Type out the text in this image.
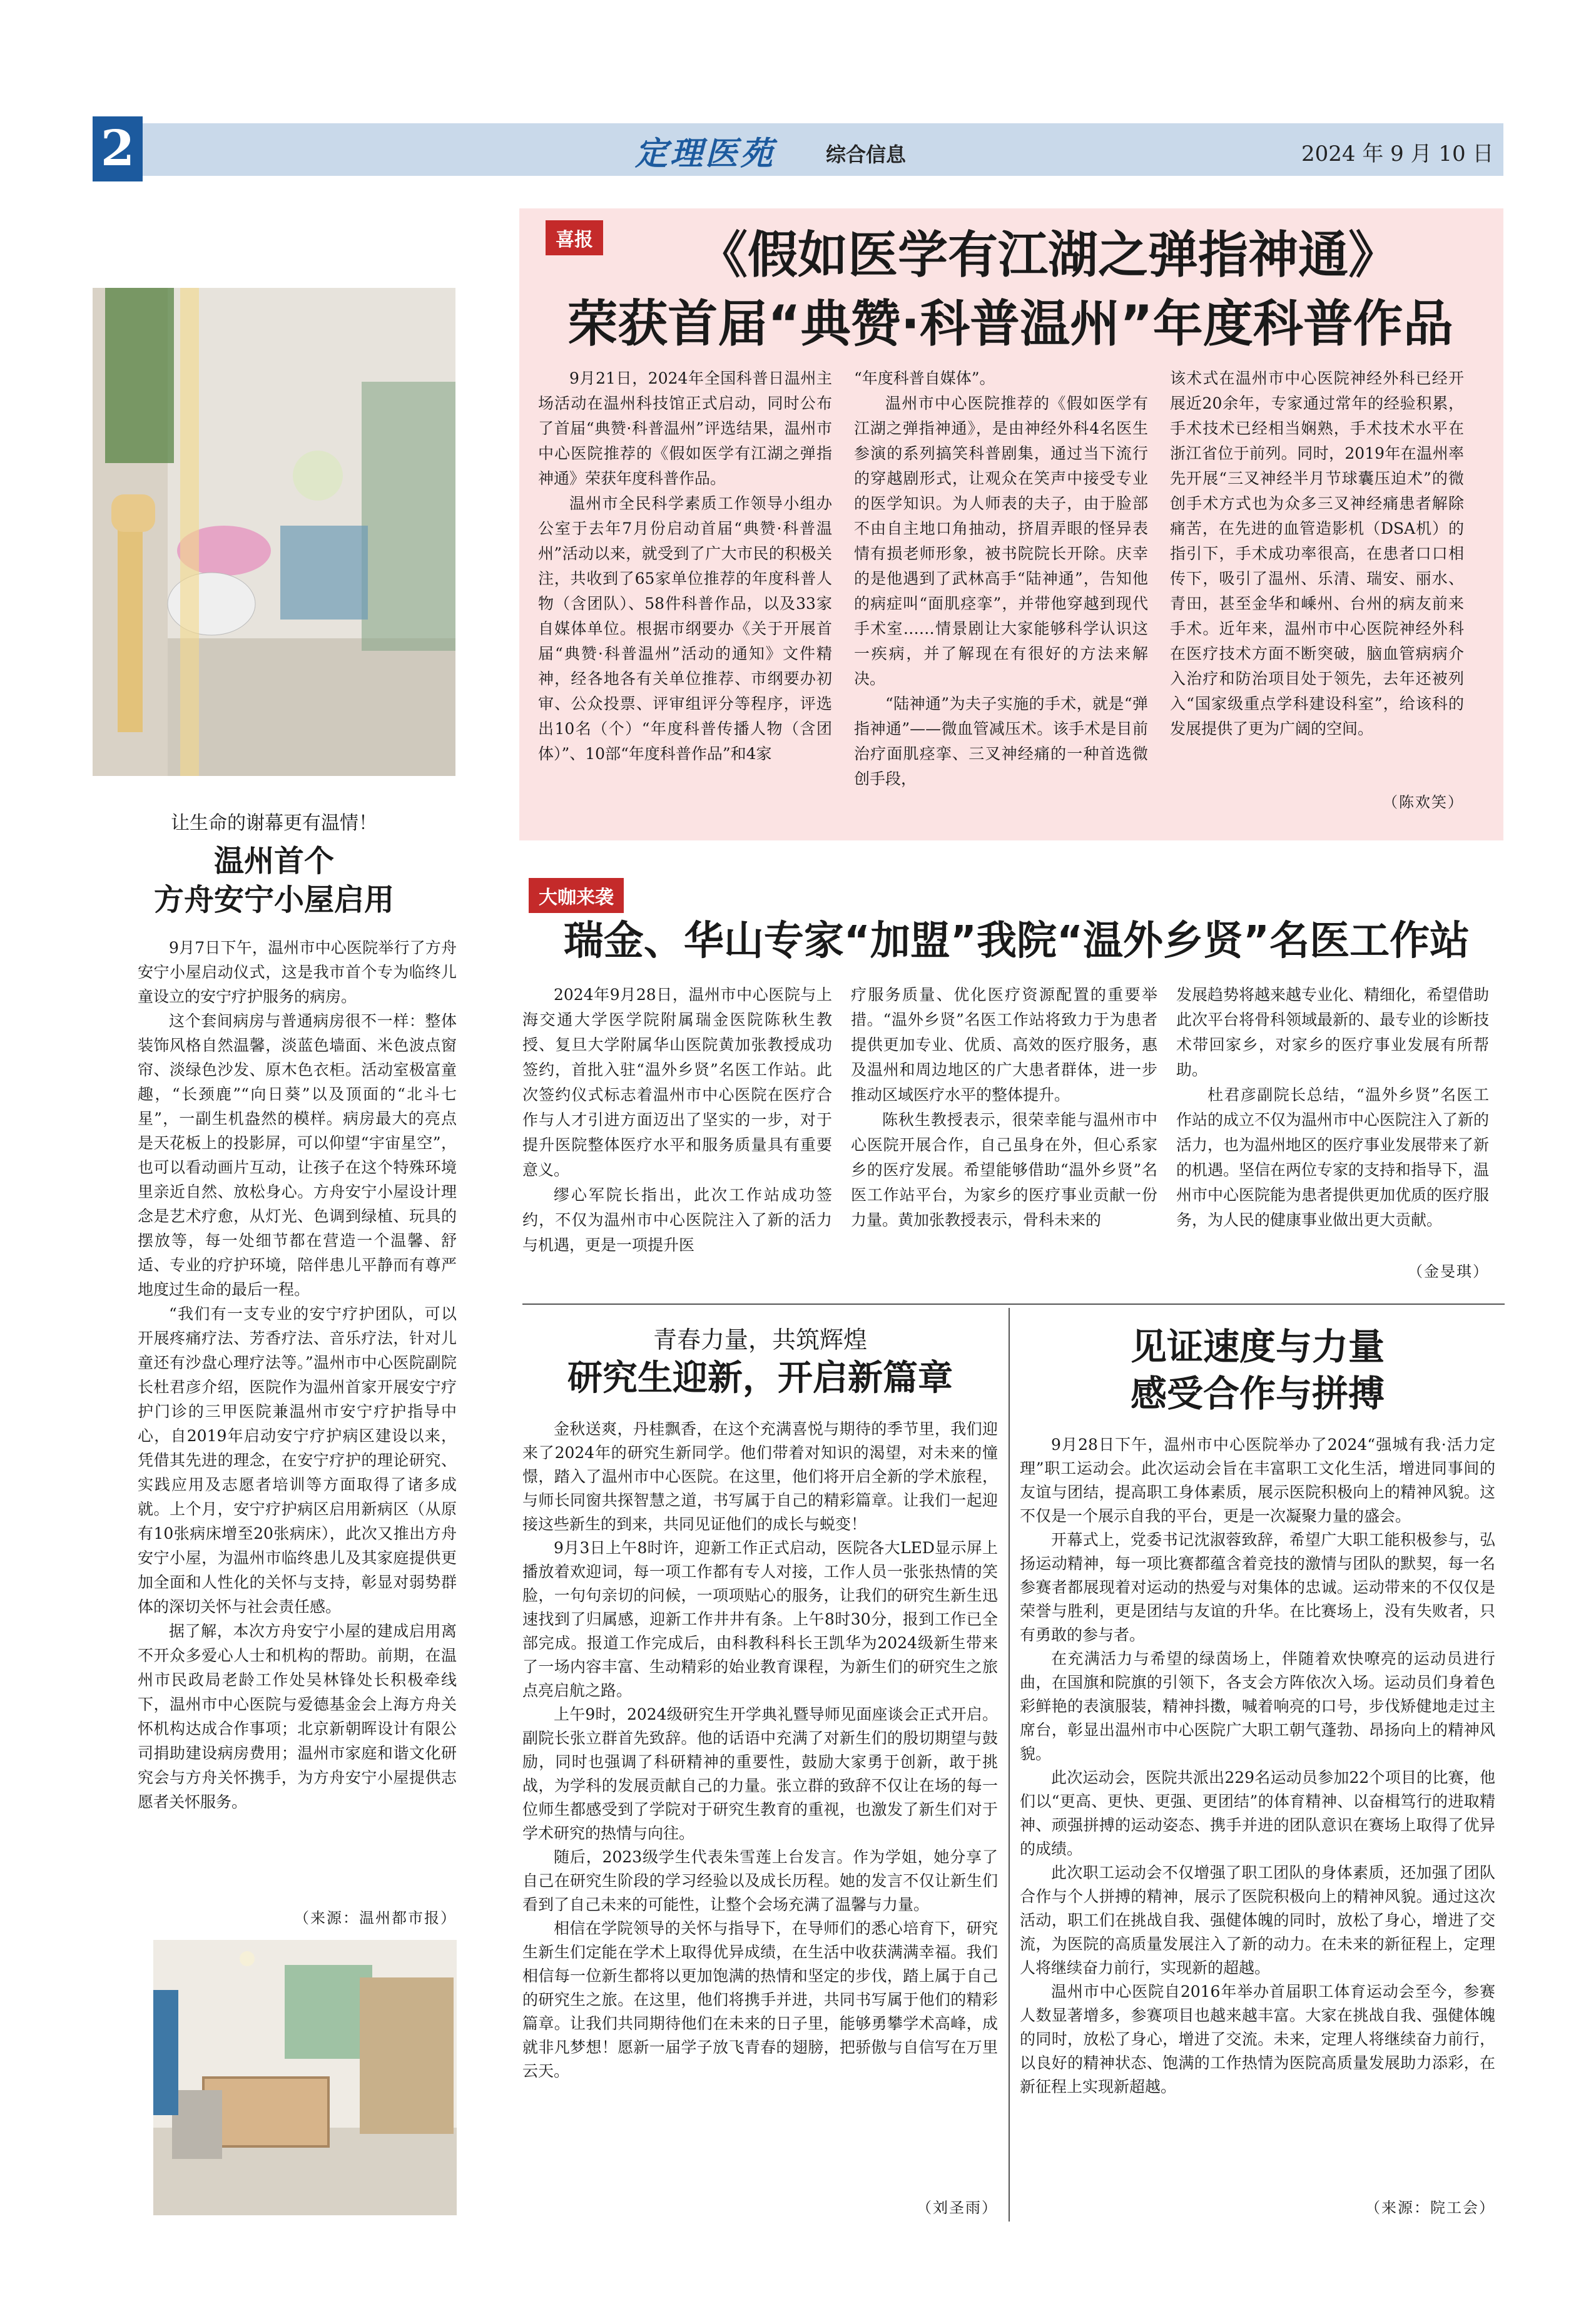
2	定理医苑	综合信息	2024 年 9 月 10 日
喜报	《假如医学有江湖之弹指神通》
荣获首届“典赞·科普温州”年度科普作品

9月21日，2024年全国科普日温州主场活动在温州科技馆正式启动，同时公布了首届“典赞·科普温州”评选结果，温州市中心医院推荐的《假如医学有江湖之弹指神通》荣获年度科普作品。

温州市全民科学素质工作领导小组办公室于去年7月份启动首届“典赞·科普温州”活动以来，就受到了广大市民的积极关注，共收到了65家单位推荐的年度科普人物（含团队）、58件科普作品，以及33家自媒体单位。根据市纲要办《关于开展首届“典赞·科普温州”活动的通知》文件精神，经各地各有关单位推荐、市纲要办初审、公众投票、评审组评分等程序，评选出10名（个）“年度科普传播人物（含团体）”、10部“年度科普作品”和4家

“年度科普自媒体”。

温州市中心医院推荐的《假如医学有江湖之弹指神通》，是由神经外科4名医生参演的系列搞笑科普剧集，通过当下流行的穿越剧形式，让观众在笑声中接受专业的医学知识。为人师表的夫子，由于脸部不由自主地口角抽动，挤眉弄眼的怪异表情有损老师形象，被书院院长开除。庆幸的是他遇到了武林高手“陆神通”，告知他的病症叫“面肌痉挛”，并带他穿越到现代手术室……情景剧让大家能够科学认识这一疾病，并了解现在有很好的方法来解决。

“陆神通”为夫子实施的手术，就是“弹指神通”——微血管减压术。该手术是目前治疗面肌痉挛、三叉神经痛的一种首选微创手段，

该术式在温州市中心医院神经外科已经开展近20余年，专家通过常年的经验积累，手术技术已经相当娴熟，手术技术水平在浙江省位于前列。同时，2019年在温州率先开展“三叉神经半月节球囊压迫术”的微创手术方式也为众多三叉神经痛患者解除痛苦，在先进的血管造影机（DSA机）的指引下，手术成功率很高，在患者口口相传下，吸引了温州、乐清、瑞安、丽水、青田，甚至金华和嵊州、台州的病友前来手术。近年来，温州市中心医院神经外科在医疗技术方面不断突破，脑血管病病介入治疗和防治项目处于领先，去年还被列入“国家级重点学科建设科室”，给该科的发展提供了更为广阔的空间。

（陈欢笑）
让生命的谢幕更有温情！
温州首个
方舟安宁小屋启用

9月7日下午，温州市中心医院举行了方舟安宁小屋启动仪式，这是我市首个专为临终儿童设立的安宁疗护服务的病房。

这个套间病房与普通病房很不一样：整体装饰风格自然温馨，淡蓝色墙面、米色波点窗帘、淡绿色沙发、原木色衣柜。活动室极富童趣，“长颈鹿”“向日葵”以及顶面的“北斗七星”，一副生机盎然的模样。病房最大的亮点是天花板上的投影屏，可以仰望“宇宙星空”，也可以看动画片互动，让孩子在这个特殊环境里亲近自然、放松身心。方舟安宁小屋设计理念是艺术疗愈，从灯光、色调到绿植、玩具的摆放等，每一处细节都在营造一个温馨、舒适、专业的疗护环境，陪伴患儿平静而有尊严地度过生命的最后一程。

“我们有一支专业的安宁疗护团队，可以开展疼痛疗法、芳香疗法、音乐疗法，针对儿童还有沙盘心理疗法等。”温州市中心医院副院长杜君彦介绍，医院作为温州首家开展安宁疗护门诊的三甲医院兼温州市安宁疗护指导中心，自2019年启动安宁疗护病区建设以来，凭借其先进的理念，在安宁疗护的理论研究、实践应用及志愿者培训等方面取得了诸多成就。上个月，安宁疗护病区启用新病区（从原有10张病床增至20张病床），此次又推出方舟安宁小屋，为温州市临终患儿及其家庭提供更加全面和人性化的关怀与支持，彰显对弱势群体的深切关怀与社会责任感。

据了解，本次方舟安宁小屋的建成启用离不开众多爱心人士和机构的帮助。前期，在温州市民政局老龄工作处吴林锋处长积极牵线下，温州市中心医院与爱德基金会上海方舟关怀机构达成合作事项；北京新朝晖设计有限公司捐助建设病房费用；温州市家庭和谐文化研究会与方舟关怀携手，为方舟安宁小屋提供志愿者关怀服务。

（来源：温州都市报）
大咖来袭
瑞金、华山专家“加盟”我院“温外乡贤”名医工作站

2024年9月28日，温州市中心医院与上海交通大学医学院附属瑞金医院陈秋生教授、复旦大学附属华山医院黄加张教授成功签约，首批入驻“温外乡贤”名医工作站。此次签约仪式标志着温州市中心医院在医疗合作与人才引进方面迈出了坚实的一步，对于提升医院整体医疗水平和服务质量具有重要意义。

缪心军院长指出，此次工作站成功签约，不仅为温州市中心医院注入了新的活力与机遇，更是一项提升医

疗服务质量、优化医疗资源配置的重要举措。“温外乡贤”名医工作站将致力于为患者提供更加专业、优质、高效的医疗服务，惠及温州和周边地区的广大患者群体，进一步推动区域医疗水平的整体提升。

陈秋生教授表示，很荣幸能与温州市中心医院开展合作，自己虽身在外，但心系家乡的医疗发展。希望能够借助“温外乡贤”名医工作站平台，为家乡的医疗事业贡献一份力量。黄加张教授表示，骨科未来的

发展趋势将越来越专业化、精细化，希望借助此次平台将骨科领域最新的、最专业的诊断技术带回家乡，对家乡的医疗事业发展有所帮助。

杜君彦副院长总结，“温外乡贤”名医工作站的成立不仅为温州市中心医院注入了新的活力，也为温州地区的医疗事业发展带来了新的机遇。坚信在两位专家的支持和指导下，温州市中心医院能为患者提供更加优质的医疗服务，为人民的健康事业做出更大贡献。

（金旻琪）
青春力量，共筑辉煌
研究生迎新，开启新篇章

金秋送爽，丹桂飘香，在这个充满喜悦与期待的季节里，我们迎来了2024年的研究生新同学。他们带着对知识的渴望，对未来的憧憬，踏入了温州市中心医院。在这里，他们将开启全新的学术旅程，与师长同窗共探智慧之道，书写属于自己的精彩篇章。让我们一起迎接这些新生的到来，共同见证他们的成长与蜕变！

9月3日上午8时许，迎新工作正式启动，医院各大LED显示屏上播放着欢迎词，每一项工作都有专人对接，工作人员一张张热情的笑脸，一句句亲切的问候，一项项贴心的服务，让我们的研究生新生迅速找到了归属感，迎新工作井井有条。上午8时30分，报到工作已全部完成。报道工作完成后，由科教科科长王凯华为2024级新生带来了一场内容丰富、生动精彩的始业教育课程，为新生们的研究生之旅点亮启航之路。

上午9时，2024级研究生开学典礼暨导师见面座谈会正式开启。副院长张立群首先致辞。他的话语中充满了对新生们的殷切期望与鼓励，同时也强调了科研精神的重要性，鼓励大家勇于创新，敢于挑战，为学科的发展贡献自己的力量。张立群的致辞不仅让在场的每一位师生都感受到了学院对于研究生教育的重视，也激发了新生们对于学术研究的热情与向往。

随后，2023级学生代表朱雪莲上台发言。作为学姐，她分享了自己在研究生阶段的学习经验以及成长历程。她的发言不仅让新生们看到了自己未来的可能性，让整个会场充满了温馨与力量。

相信在学院领导的关怀与指导下，在导师们的悉心培育下，研究生新生们定能在学术上取得优异成绩，在生活中收获满满幸福。我们相信每一位新生都将以更加饱满的热情和坚定的步伐，踏上属于自己的研究生之旅。在这里，他们将携手并进，共同书写属于他们的精彩篇章。让我们共同期待他们在未来的日子里，能够勇攀学术高峰，成就非凡梦想！愿新一届学子放飞青春的翅膀，把骄傲与自信写在万里云天。

（刘圣雨）
见证速度与力量
感受合作与拼搏

9月28日下午，温州市中心医院举办了2024“强城有我·活力定理”职工运动会。此次运动会旨在丰富职工文化生活，增进同事间的友谊与团结，提高职工身体素质，展示医院积极向上的精神风貌。这不仅是一个展示自我的平台，更是一次凝聚力量的盛会。

开幕式上，党委书记沈淑蓉致辞，希望广大职工能积极参与，弘扬运动精神，每一项比赛都蕴含着竞技的激情与团队的默契，每一名参赛者都展现着对运动的热爱与对集体的忠诚。运动带来的不仅仅是荣誉与胜利，更是团结与友谊的升华。在比赛场上，没有失败者，只有勇敢的参与者。

在充满活力与希望的绿茵场上，伴随着欢快嘹亮的运动员进行曲，在国旗和院旗的引领下，各支会方阵依次入场。运动员们身着色彩鲜艳的表演服装，精神抖擞，喊着响亮的口号，步伐矫健地走过主席台，彰显出温州市中心医院广大职工朝气蓬勃、昂扬向上的精神风貌。

此次运动会，医院共派出229名运动员参加22个项目的比赛，他们以“更高、更快、更强、更团结”的体育精神、以奋楫笃行的进取精神、顽强拼搏的运动姿态、携手并进的团队意识在赛场上取得了优异的成绩。

此次职工运动会不仅增强了职工团队的身体素质，还加强了团队合作与个人拼搏的精神，展示了医院积极向上的精神风貌。通过这次活动，职工们在挑战自我、强健体魄的同时，放松了身心，增进了交流，为医院的高质量发展注入了新的动力。在未来的新征程上，定理人将继续奋力前行，实现新的超越。

温州市中心医院自2016年举办首届职工体育运动会至今，参赛人数显著增多，参赛项目也越来越丰富。大家在挑战自我、强健体魄的同时，放松了身心，增进了交流。未来，定理人将继续奋力前行，以良好的精神状态、饱满的工作热情为医院高质量发展助力添彩，在新征程上实现新超越。

（来源：院工会）
